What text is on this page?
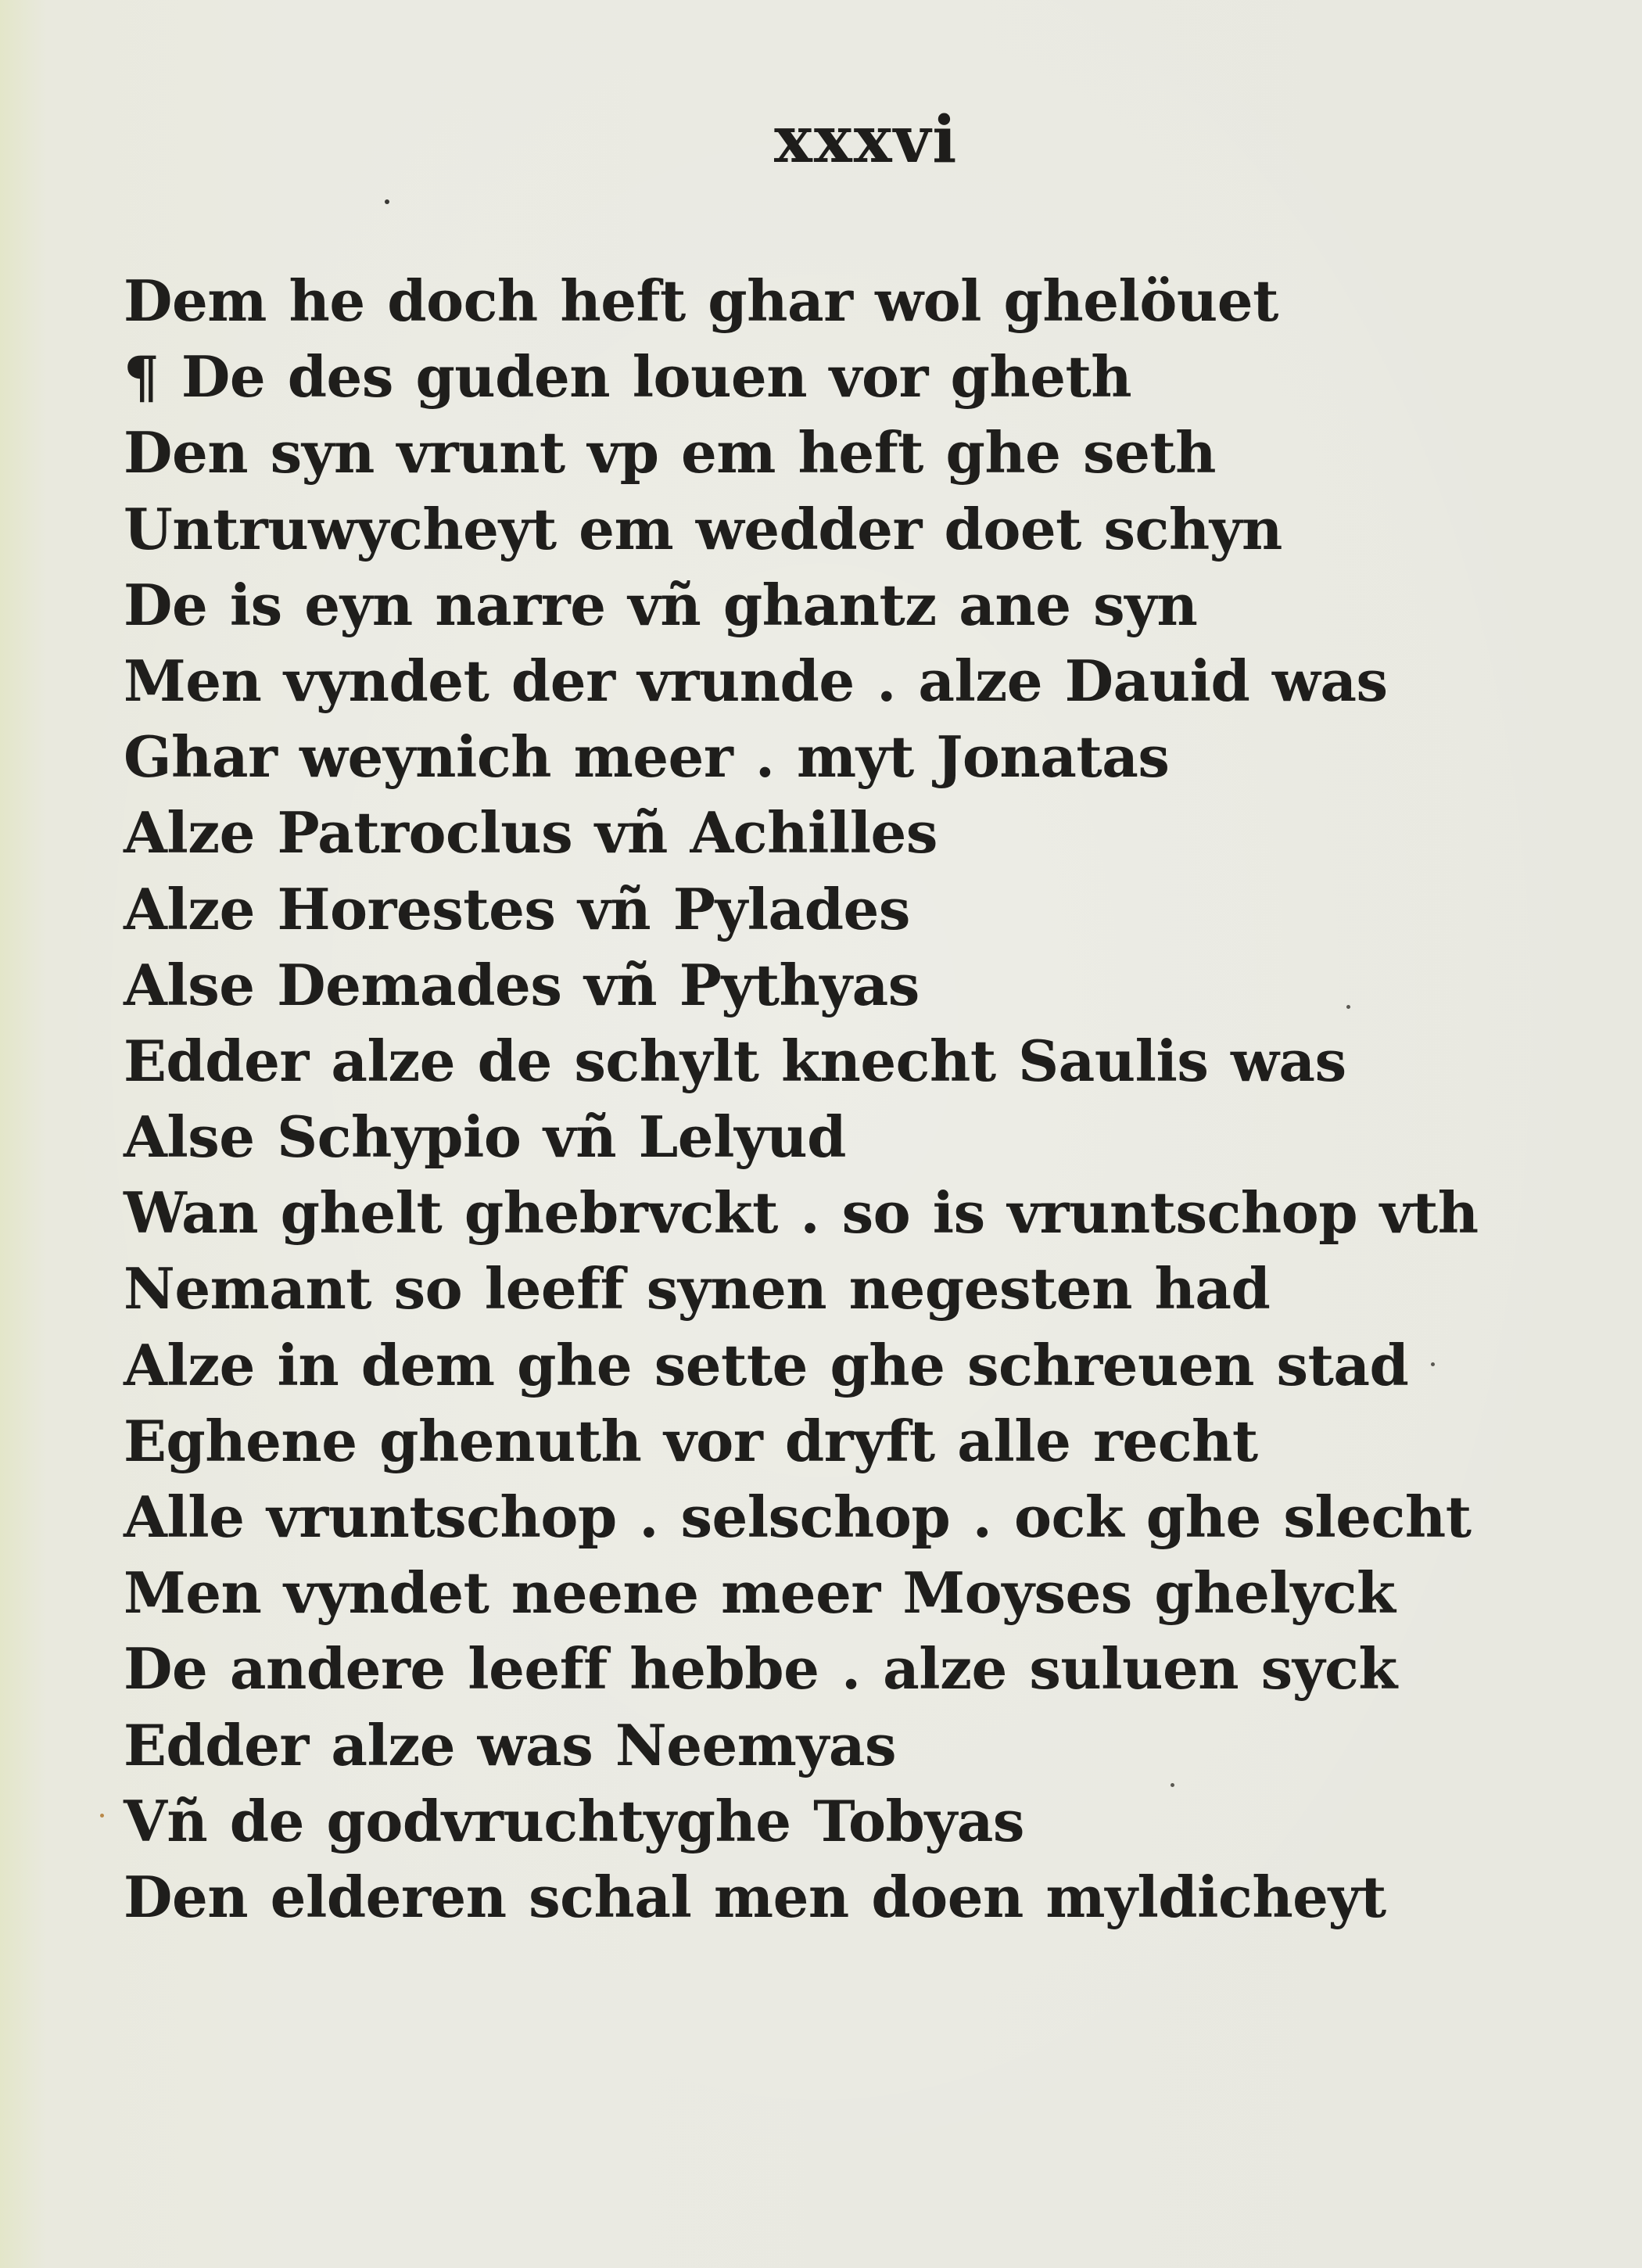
xxxvi
Dem he doch heft ghar wol ghelöuet
¶ De des guden louen vor gheth
Den syn vrunt vp em heft ghe seth
Untruwycheyt em wedder doet schyn
De is eyn narre vñ ghantz ane syn
Men vyndet der vrunde . alze Dauid was
Ghar weynich meer . myt Jonatas
Alze Patroclus vñ Achilles
Alze Horestes vñ Pylades
Alse Demades vñ Pythyas
Edder alze de schylt knecht Saulis was
Alse Schypio vñ Lelyud
Wan ghelt ghebrvckt . so is vruntschop vth
Nemant so leeff synen negesten had
Alze in dem ghe sette ghe schreuen stad
Eghene ghenuth vor dryft alle recht
Alle vruntschop . selschop . ock ghe slecht
Men vyndet neene meer Moyses ghelyck
De andere leeff hebbe . alze suluen syck
Edder alze was Neemyas
Vñ de godvruchtyghe Tobyas
Den elderen schal men doen myldicheyt
